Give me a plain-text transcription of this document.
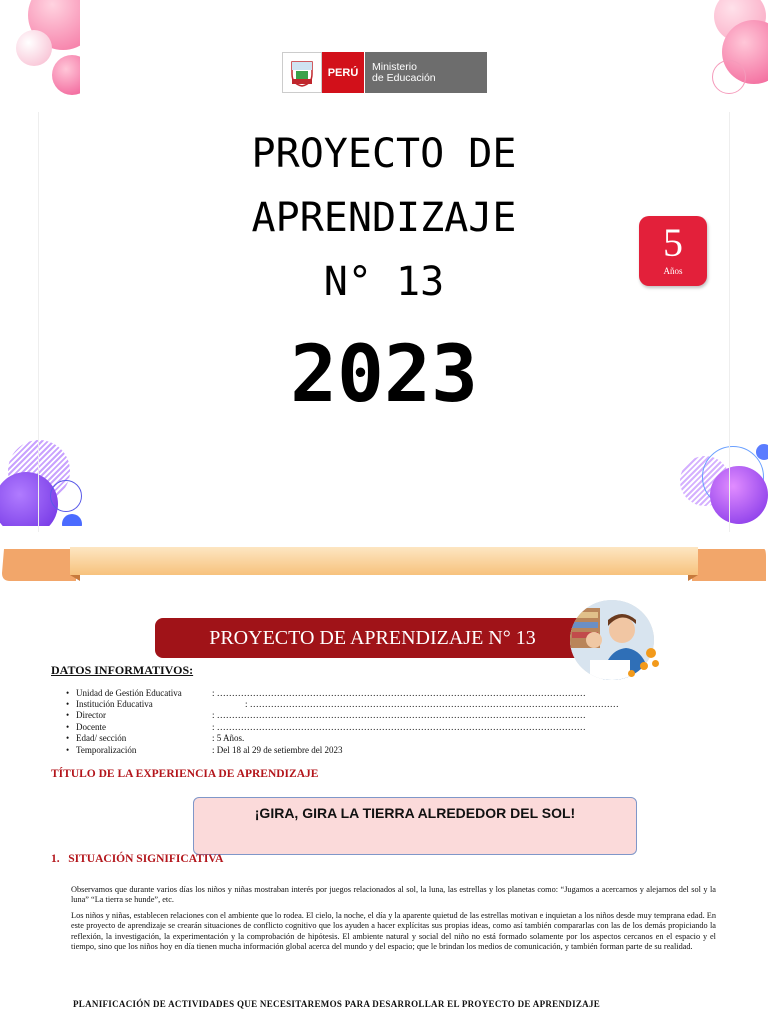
PERÚ	Ministerio
de Educación
PROYECTO DE
APRENDIZAJE
N° 13
2023
5
Años
PROYECTO DE APRENDIZAJE N° 13
DATOS INFORMATIVOS:
• Unidad de Gestión Educativa	: ……………………………………………………………………………………………………………
• Institución Educativa	: ……………………………………………………………………………………………………………
• Director	: ……………………………………………………………………………………………………………
• Docente	: ……………………………………………………………………………………………………………
• Edad/ sección	: 5 Años.
• Temporalización	: Del 18 al 29 de setiembre del 2023
TÍTULO DE LA EXPERIENCIA DE APRENDIZAJE
¡GIRA, GIRA LA TIERRA ALREDEDOR DEL SOL!
1.   SITUACIÓN SIGNIFICATIVA
Observamos que durante varios días los niños y niñas mostraban interés por juegos relacionados al sol, la luna, las estrellas y los planetas como: “Jugamos a acercarnos y alejarnos del sol y la luna” “La tierra se hunde”, etc.
Los niños y niñas, establecen relaciones con el ambiente que lo rodea. El cielo, la noche, el día y la aparente quietud de las estrellas motivan e inquietan a los niños desde muy temprana edad. En este proyecto de aprendizaje se crearán situaciones de conflicto cognitivo que los ayuden a hacer explícitas sus propias ideas, como así también compararlas con las de los demás propiciando la reflexión, la investigación, la experimentación y la comprobación de hipótesis. El ambiente natural y social del niño no está formado solamente por los aspectos cercanos en el espacio y el tiempo, sino que los niños hoy en día tienen mucha información global acerca del mundo y del espacio; que le brindan los medios de comunicación, y también forman parte de su realidad.
PLANIFICACIÓN DE ACTIVIDADES QUE NECESITAREMOS PARA DESARROLLAR EL PROYECTO DE APRENDIZAJE
